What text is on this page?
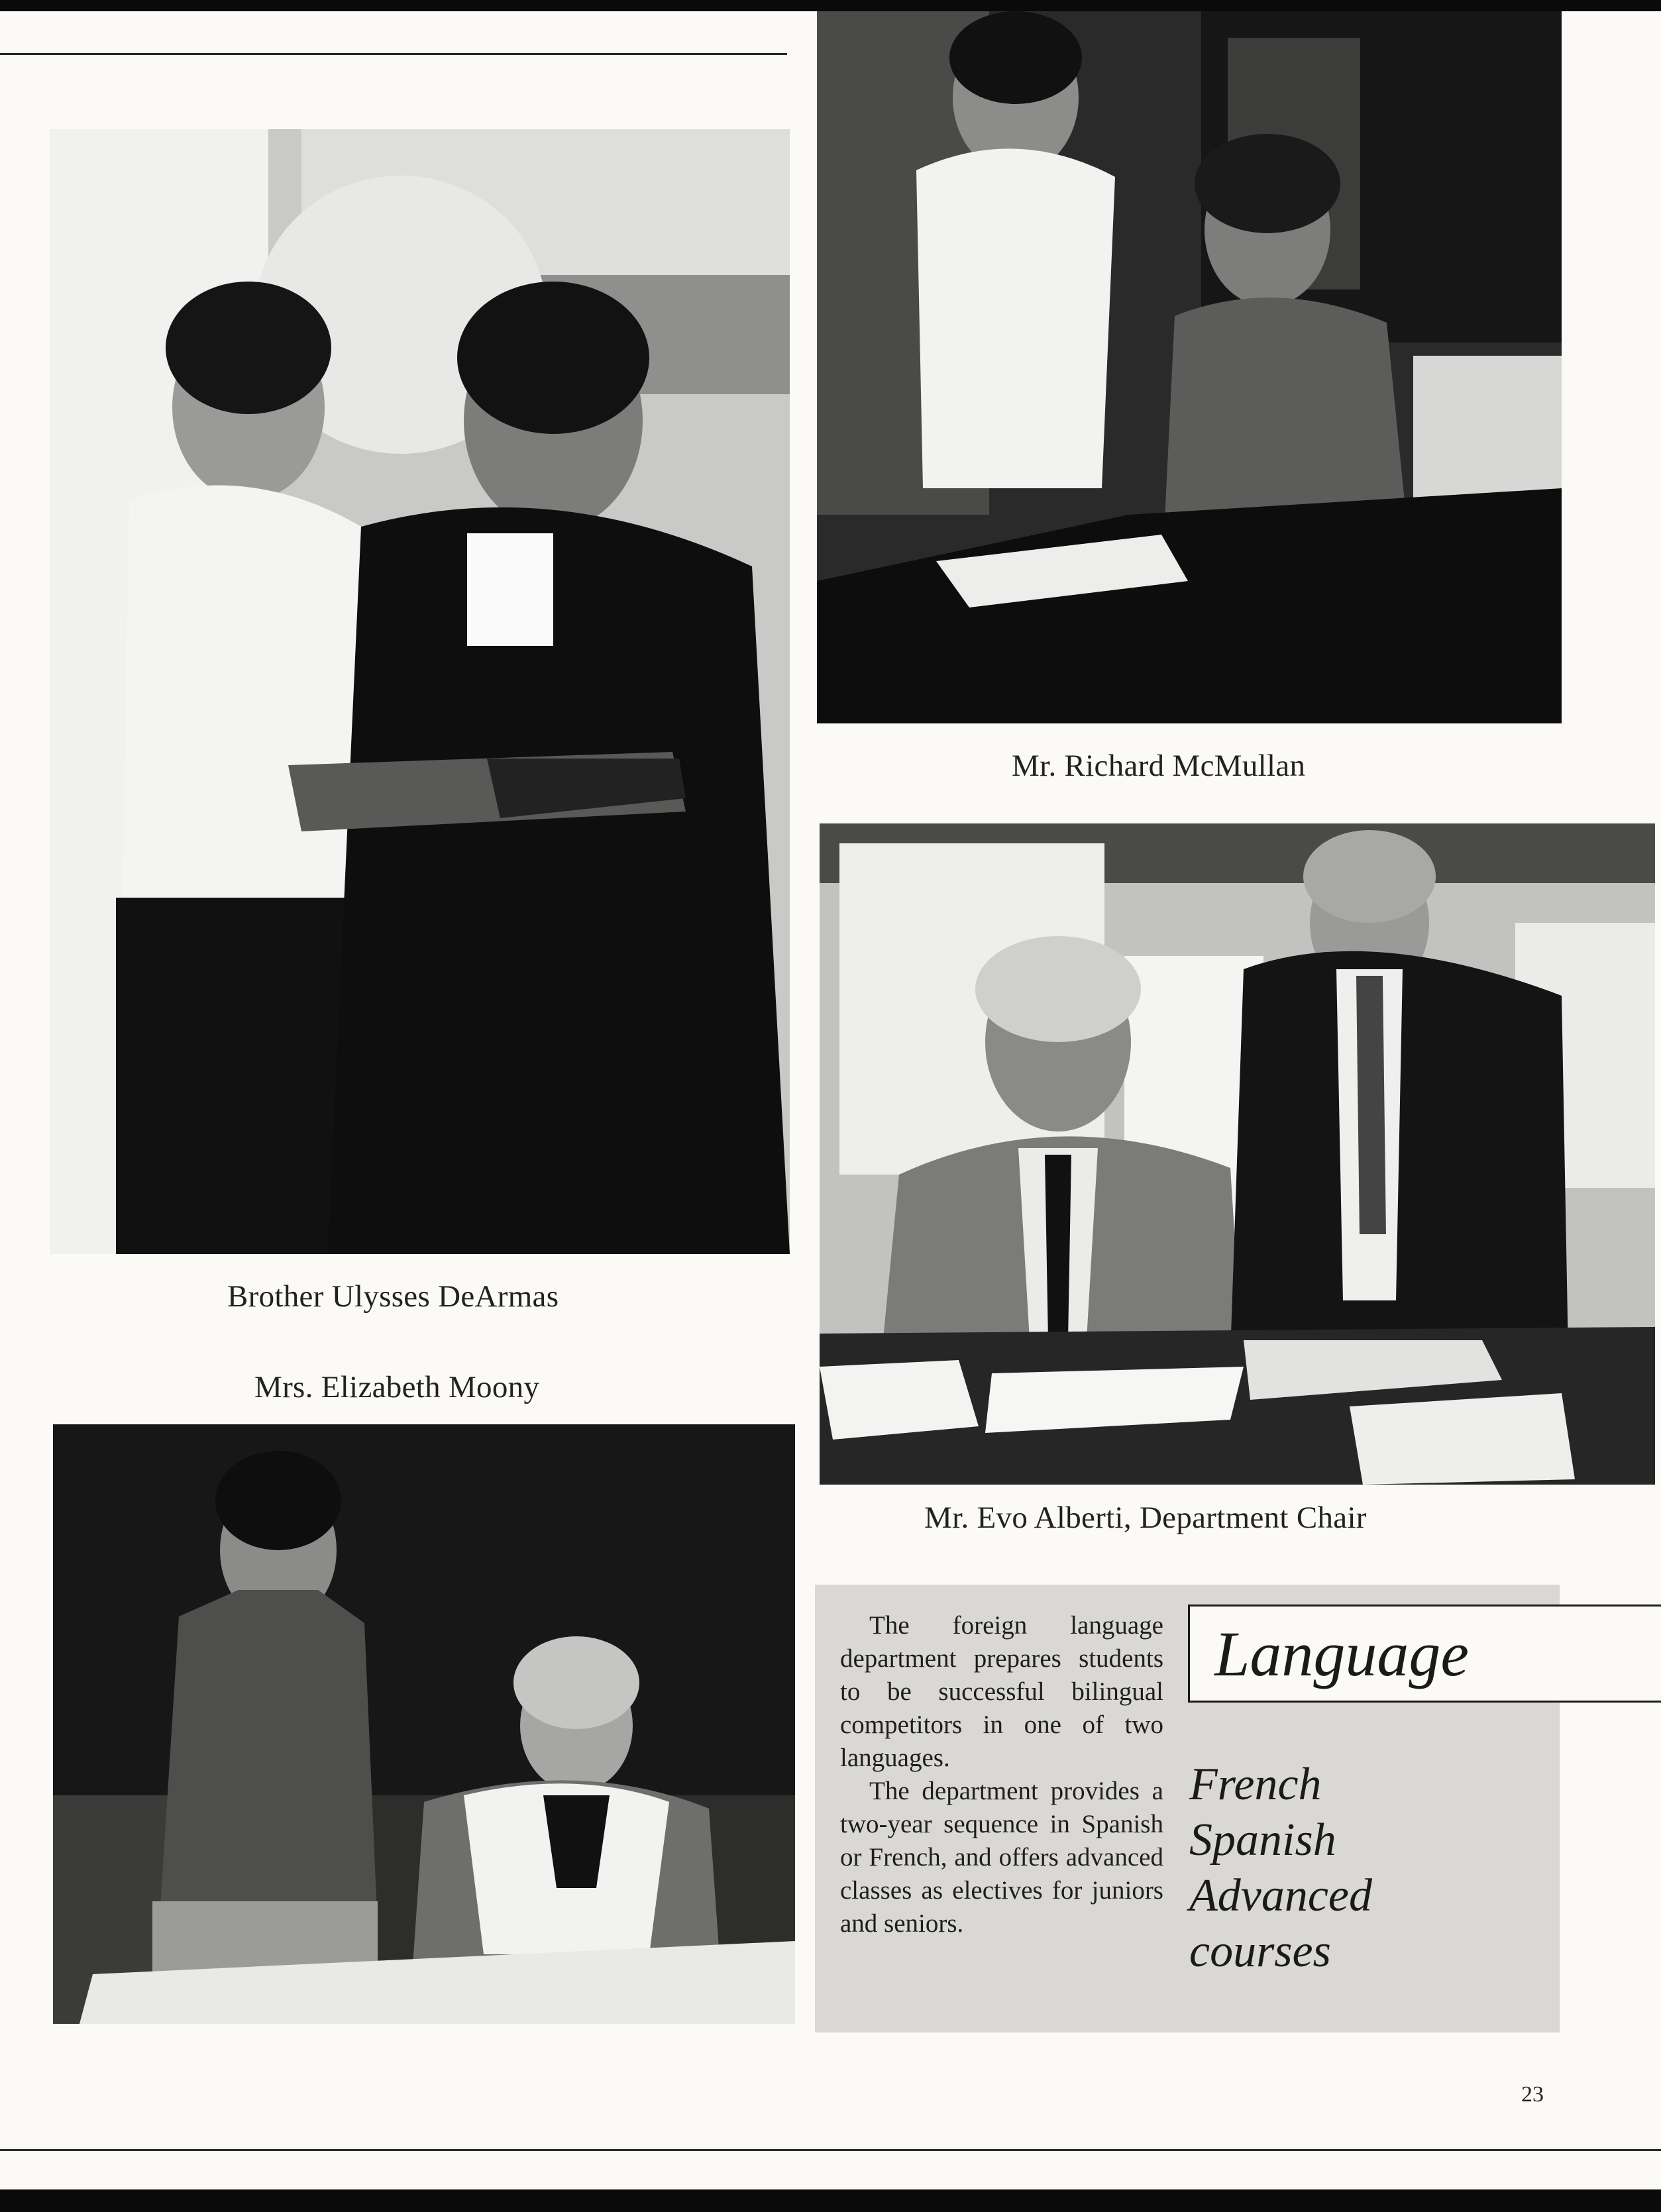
Brother Ulysses DeArmas
Mr. Richard McMullan
Mr. Evo Alberti, Department Chair
Mrs. Elizabeth Moony

The foreign language department prepares students to be successful bilingual competitors in one of two languages.

The department provides a two-year sequence in Spanish or French, and offers advanced classes as electives for juniors and seniors.

Language
French
Spanish
Advanced
courses
23
